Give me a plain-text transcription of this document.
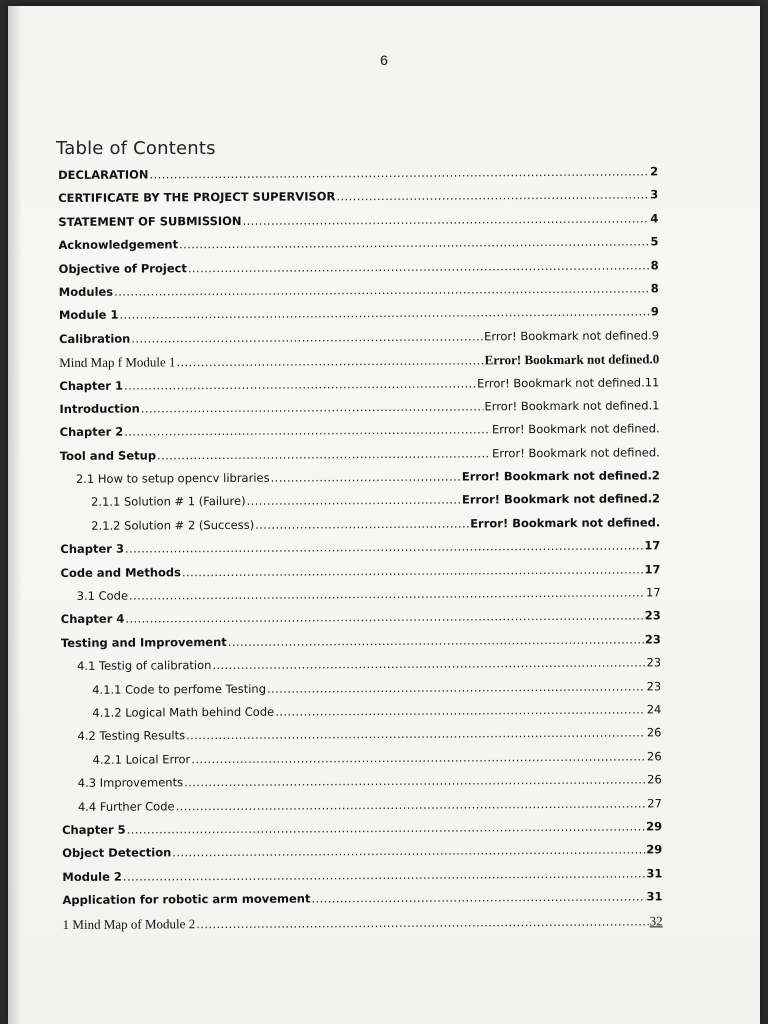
6
Table of Contents
DECLARATION .....	2
CERTIFICATE BY THE PROJECT SUPERVISOR .....	3
STATEMENT OF SUBMISSION .....	4
Acknowledgement .....	5
Objective of Project .....	8
Modules .....	8
Module 1 .....	9
Calibration .....	Error! Bookmark not defined.9
Mind Map f Module 1 .....	Error! Bookmark not defined.0
Chapter 1 .....	Error! Bookmark not defined.11
Introduction .....	Error! Bookmark not defined.1
Chapter 2 .....	Error! Bookmark not defined.
Tool and Setup .....	Error! Bookmark not defined.
2.1 How to setup opencv libraries .....	Error! Bookmark not defined.2
2.1.1 Solution # 1 (Failure) .....	Error! Bookmark not defined.2
2.1.2 Solution # 2 (Success) .....	Error! Bookmark not defined.
Chapter 3 .....	17
Code and Methods .....	17
3.1 Code .....	17
Chapter 4 .....	23
Testing and Improvement .....	23
4.1 Testig of calibration .....	23
4.1.1 Code to perfome Testing .....	23
4.1.2 Logical Math behind Code .....	24
4.2 Testing Results .....	26
4.2.1 Loical Error .....	26
4.3 Improvements .....	26
4.4 Further Code .....	27
Chapter 5 .....	29
Object Detection .....	29
Module 2 .....	31
Application for robotic arm movement .....	31
1 Mind Map of Module 2 .....	32
